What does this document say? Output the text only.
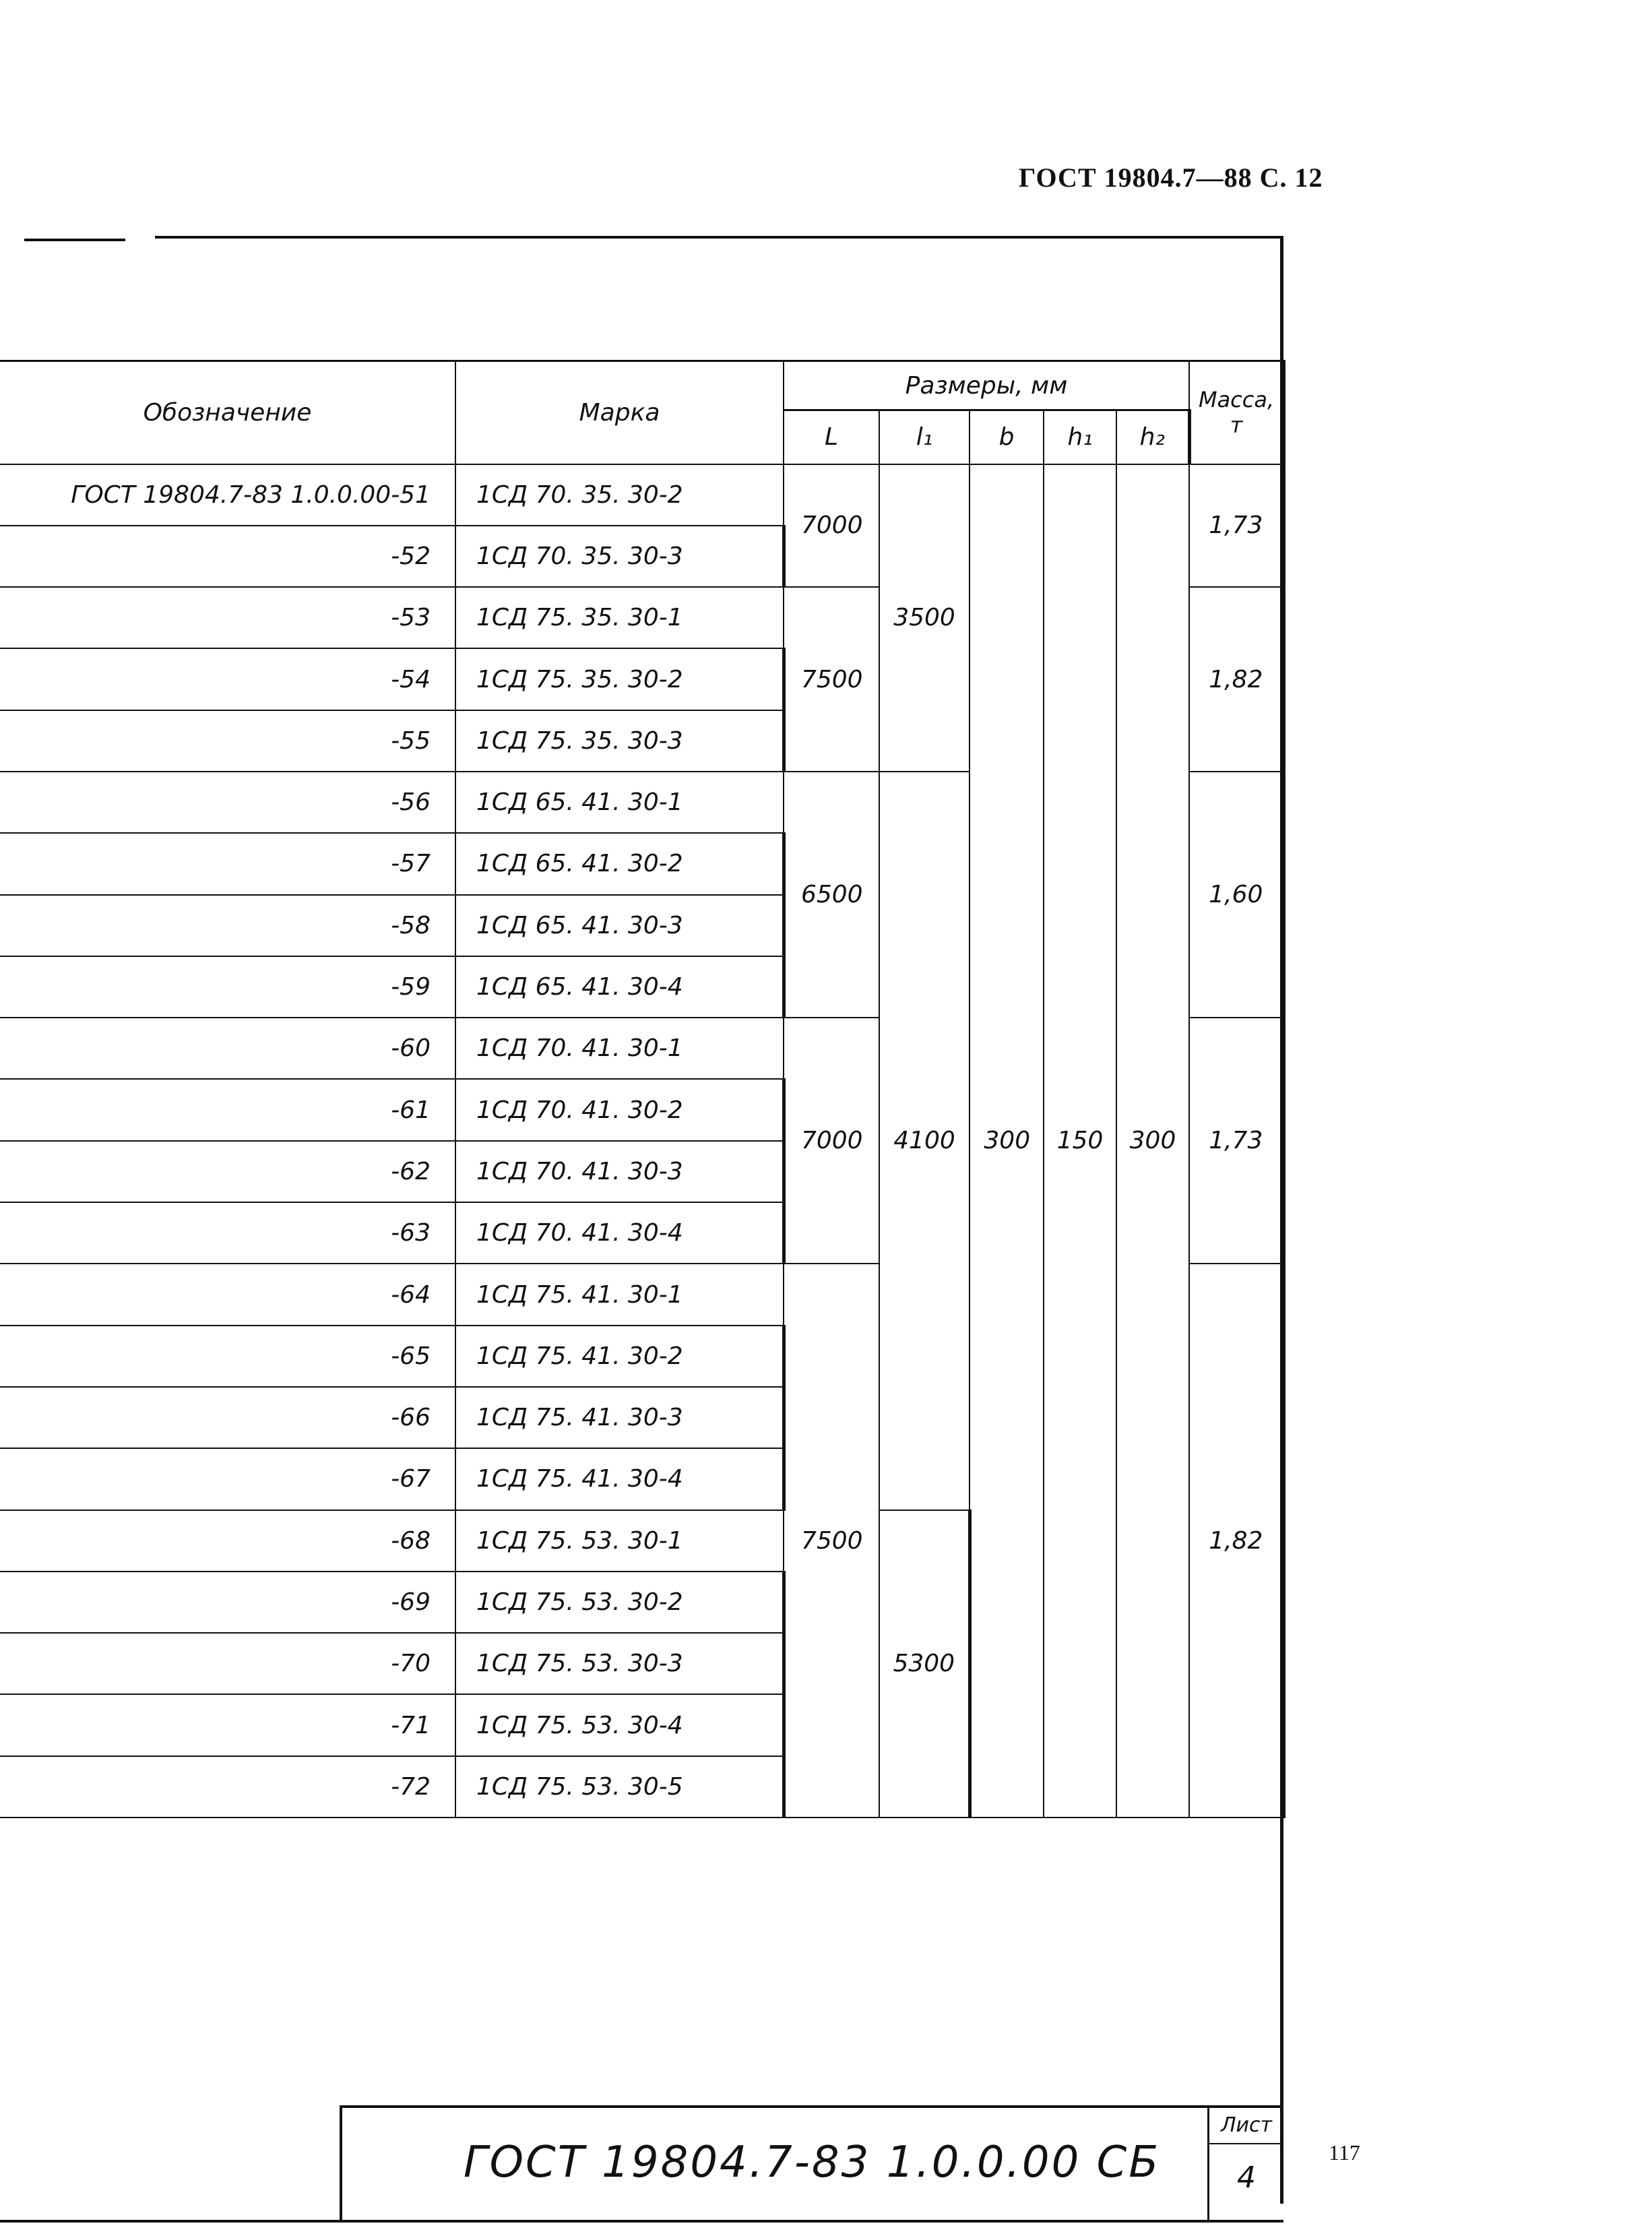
ГОСТ 19804.7—88 С. 12
Обозначение	Марка	Размеры, мм					Масса, т
		L	l₁	b	h₁	h₂	
ГОСТ 19804.7-83 1.0.0.00-51	1СД 70. 35. 30-2	7000	3500	300	150	300	1,73
-52	1СД 70. 35. 30-3						
-53	1СД 75. 35. 30-1	7500					1,82
-54	1СД 75. 35. 30-2						
-55	1СД 75. 35. 30-3						
-56	1СД 65. 41. 30-1	6500	4100				1,60
-57	1СД 65. 41. 30-2						
-58	1СД 65. 41. 30-3						
-59	1СД 65. 41. 30-4						
-60	1СД 70. 41. 30-1	7000					1,73
-61	1СД 70. 41. 30-2						
-62	1СД 70. 41. 30-3						
-63	1СД 70. 41. 30-4						
-64	1СД 75. 41. 30-1	7500					1,82
-65	1СД 75. 41. 30-2						
-66	1СД 75. 41. 30-3						
-67	1СД 75. 41. 30-4						
-68	1СД 75. 53. 30-1		5300				
-69	1СД 75. 53. 30-2						
-70	1СД 75. 53. 30-3						
-71	1СД 75. 53. 30-4						
-72	1СД 75. 53. 30-5						
ГОСТ 19804.7-83 1.0.0.00 СБ
Лист
4
117
